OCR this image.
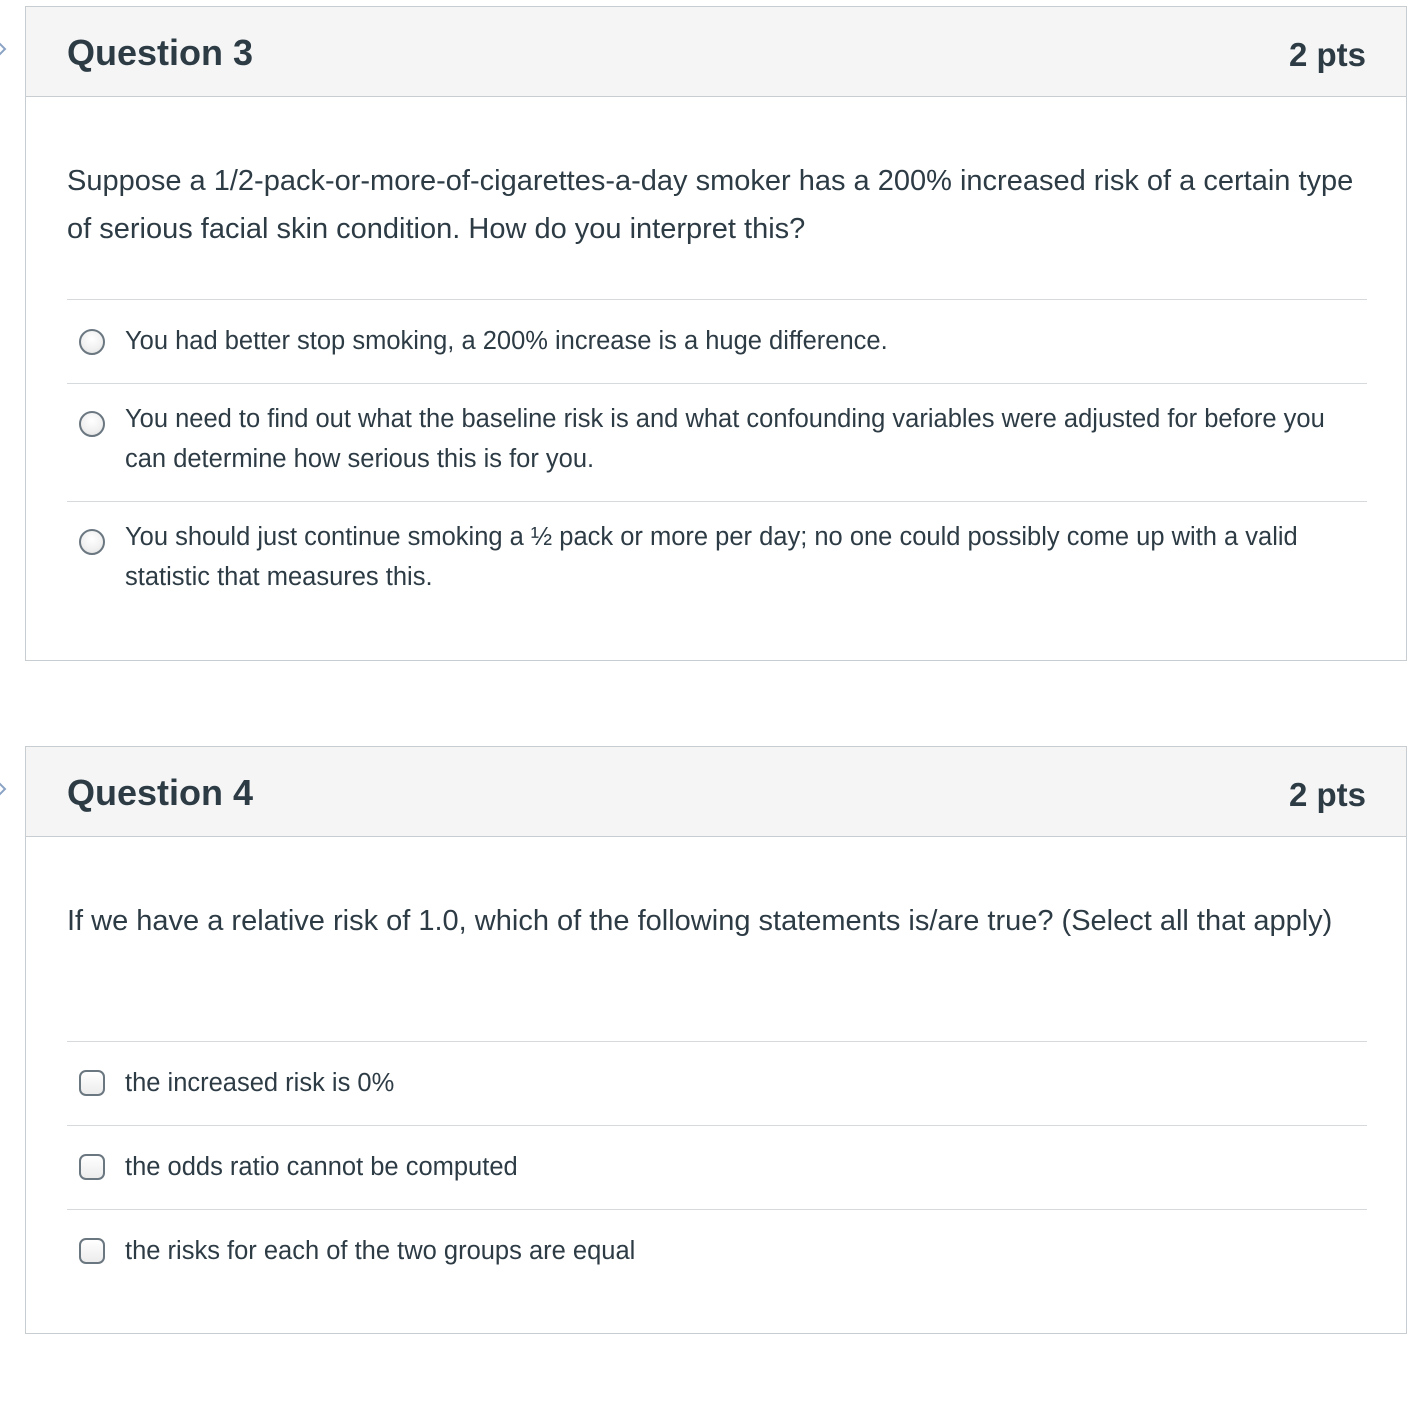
Question 3	2 pts

Suppose a 1/2-pack-or-more-of-cigarettes-a-day smoker has a 200% increased risk of a certain type of serious facial skin condition. How do you interpret this?

You had better stop smoking, a 200% increase is a huge difference.
You need to find out what the baseline risk is and what confounding variables were adjusted for before you can determine how serious this is for you.
You should just continue smoking a ½ pack or more per day; no one could possibly come up with a valid statistic that measures this.
Question 4	2 pts

If we have a relative risk of 1.0, which of the following statements is/are true? (Select all that apply)

the increased risk is 0%
the odds ratio cannot be computed
the risks for each of the two groups are equal
